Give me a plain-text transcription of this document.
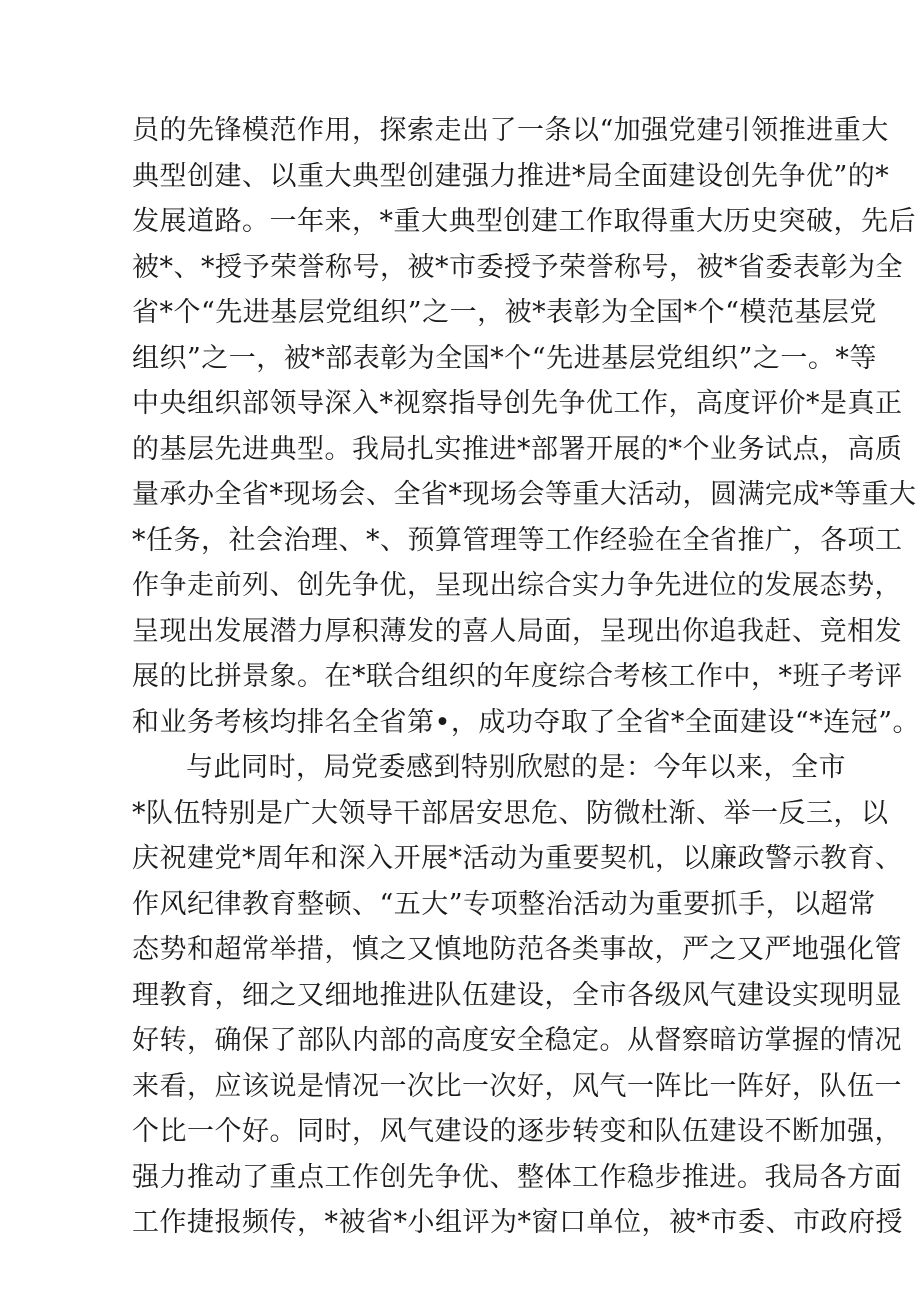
员的先锋模范作用，探索走出了一条以“加强党建引领推进重大
典型创建、以重大典型创建强力推进*局全面建设创先争优”的*
发展道路。一年来，*重大典型创建工作取得重大历史突破，先后
被*、*授予荣誉称号，被*市委授予荣誉称号，被*省委表彰为全
省*个“先进基层党组织”之一，被*表彰为全国*个“模范基层党
组织”之一，被*部表彰为全国*个“先进基层党组织”之一。*等
中央组织部领导深入*视察指导创先争优工作，高度评价*是真正
的基层先进典型。我局扎实推进*部署开展的*个业务试点，高质
量承办全省*现场会、全省*现场会等重大活动，圆满完成*等重大
*任务，社会治理、*、预算管理等工作经验在全省推广，各项工
作争走前列、创先争优，呈现出综合实力争先进位的发展态势，
呈现出发展潜力厚积薄发的喜人局面，呈现出你追我赶、竞相发
展的比拼景象。在*联合组织的年度综合考核工作中，*班子考评
和业务考核均排名全省第•，成功夺取了全省*全面建设“*连冠”。
与此同时，局党委感到特别欣慰的是：今年以来，全市
*队伍特别是广大领导干部居安思危、防微杜渐、举一反三，以
庆祝建党*周年和深入开展*活动为重要契机，以廉政警示教育、
作风纪律教育整顿、“五大”专项整治活动为重要抓手，以超常
态势和超常举措，慎之又慎地防范各类事故，严之又严地强化管
理教育，细之又细地推进队伍建设，全市各级风气建设实现明显
好转，确保了部队内部的高度安全稳定。从督察暗访掌握的情况
来看，应该说是情况一次比一次好，风气一阵比一阵好，队伍一
个比一个好。同时，风气建设的逐步转变和队伍建设不断加强，
强力推动了重点工作创先争优、整体工作稳步推进。我局各方面
工作捷报频传，*被省*小组评为*窗口单位，被*市委、市政府授
